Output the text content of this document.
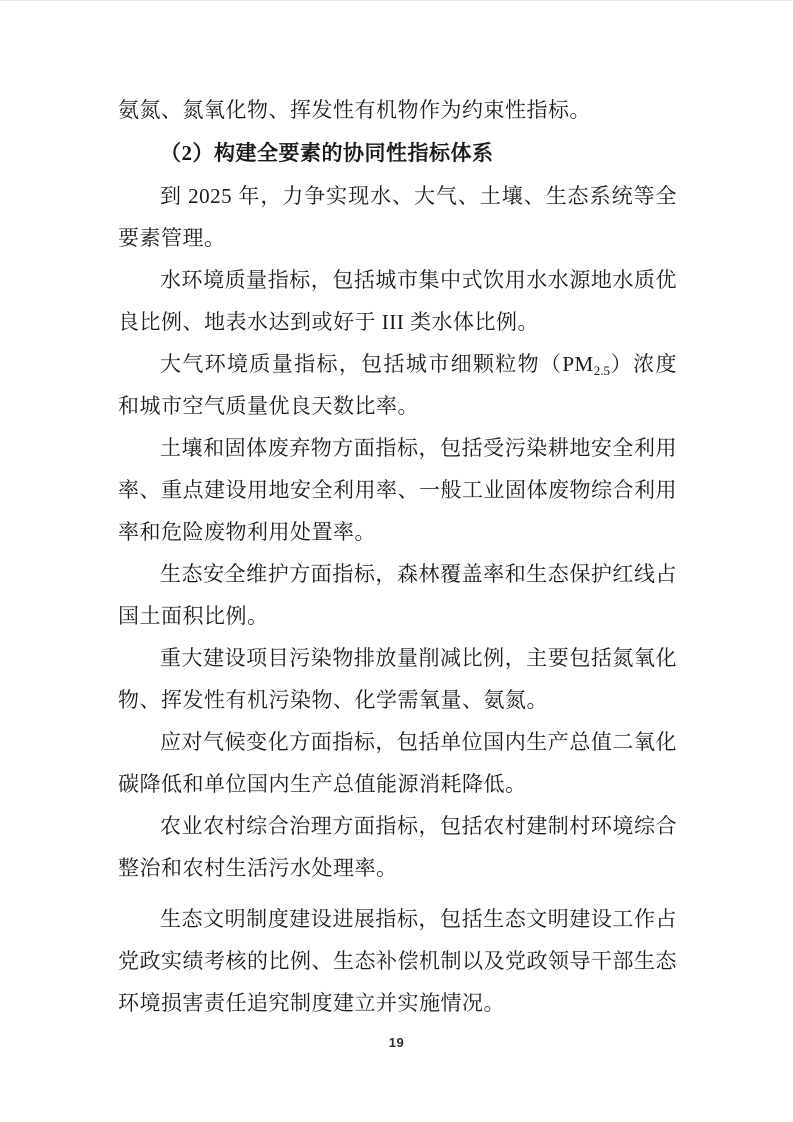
氨氮、氮氧化物、挥发性有机物作为约束性指标。

（2）构建全要素的协同性指标体系

到 2025 年，力争实现水、大气、土壤、生态系统等全要素管理。

水环境质量指标，包括城市集中式饮用水水源地水质优良比例、地表水达到或好于 III 类水体比例。

大气环境质量指标，包括城市细颗粒物$(PM_{2.5})$浓度和城市空气质量优良天数比率。

土壤和固体废弃物方面指标，包括受污染耕地安全利用率、重点建设用地安全利用率、一般工业固体废物综合利用率和危险废物利用处置率。

生态安全维护方面指标，森林覆盖率和生态保护红线占国土面积比例。

重大建设项目污染物排放量削减比例，主要包括氮氧化物、挥发性有机污染物、化学需氧量、氨氮。

应对气候变化方面指标，包括单位国内生产总值二氧化碳降低和单位国内生产总值能源消耗降低。

农业农村综合治理方面指标，包括农村建制村环境综合整治和农村生活污水处理率。

生态文明制度建设进展指标，包括生态文明建设工作占党政实绩考核的比例、生态补偿机制以及党政领导干部生态环境损害责任追究制度建立并实施情况。

19
